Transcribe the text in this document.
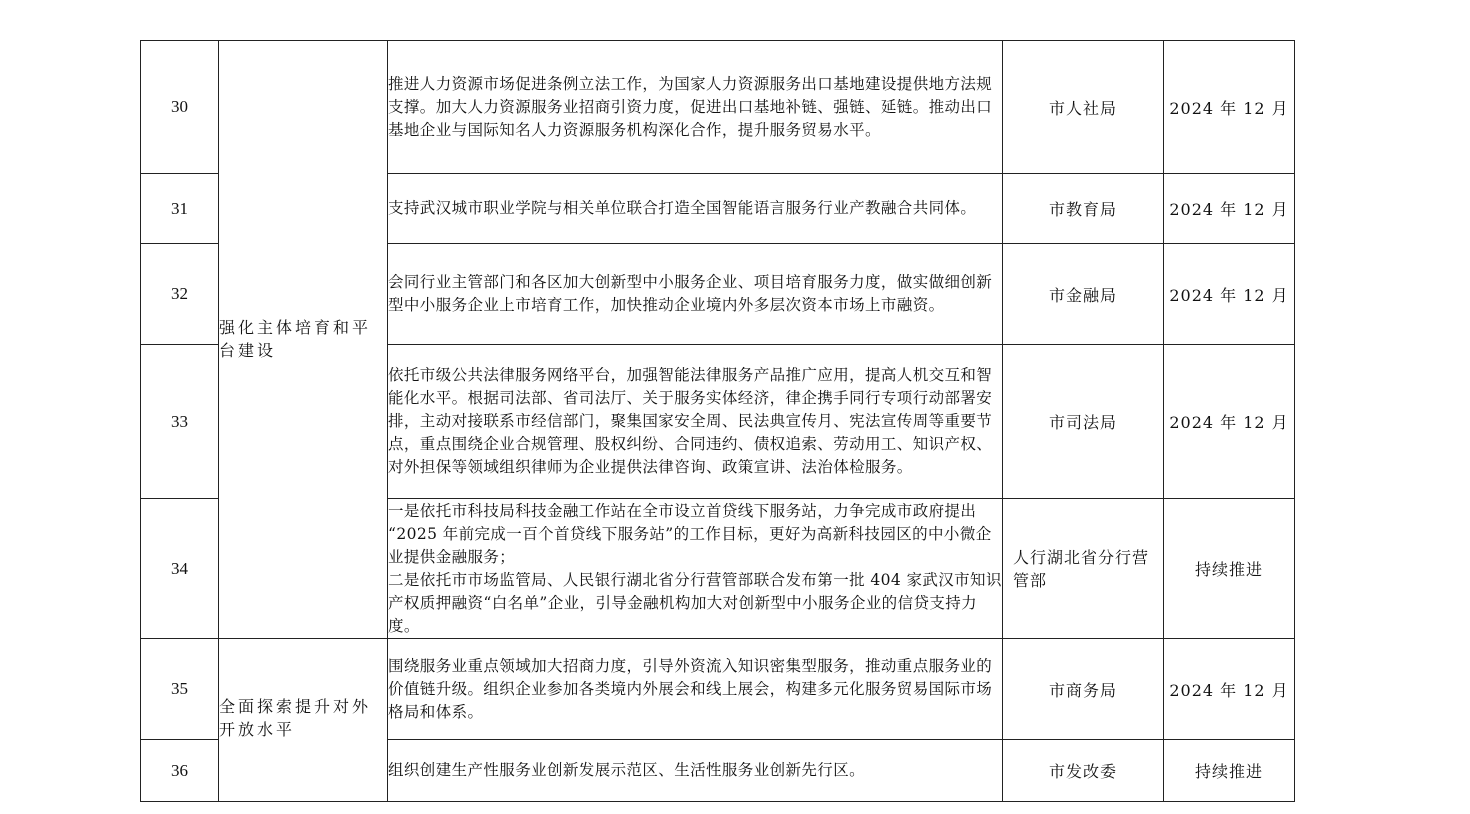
30	强化主体培育和平台建设	推进人力资源市场促进条例立法工作，为国家人力资源服务出口基地建设提供地方法规支撑。加大人力资源服务业招商引资力度，促进出口基地补链、强链、延链。推动出口基地企业与国际知名人力资源服务机构深化合作，提升服务贸易水平。	市人社局	2024 年 12 月
31		支持武汉城市职业学院与相关单位联合打造全国智能语言服务行业产教融合共同体。	市教育局	2024 年 12 月
32		会同行业主管部门和各区加大创新型中小服务企业、项目培育服务力度，做实做细创新型中小服务企业上市培育工作，加快推动企业境内外多层次资本市场上市融资。	市金融局	2024 年 12 月
33		依托市级公共法律服务网络平台，加强智能法律服务产品推广应用，提高人机交互和智能化水平。根据司法部、省司法厅、关于服务实体经济，律企携手同行专项行动部署安排，主动对接联系市经信部门，聚集国家安全周、民法典宣传月、宪法宣传周等重要节点，重点围绕企业合规管理、股权纠纷、合同违约、债权追索、劳动用工、知识产权、对外担保等领域组织律师为企业提供法律咨询、政策宣讲、法治体检服务。	市司法局	2024 年 12 月
34		一是依托市科技局科技金融工作站在全市设立首贷线下服务站，力争完成市政府提出 “2025 年前完成一百个首贷线下服务站”的工作目标，更好为高新科技园区的中小微企业提供金融服务；
二是依托市市场监管局、人民银行湖北省分行营管部联合发布第一批 404 家武汉市知识产权质押融资“白名单”企业，引导金融机构加大对创新型中小服务企业的信贷支持力度。	人行湖北省分行营管部	持续推进
35	全面探索提升对外开放水平	围绕服务业重点领域加大招商力度，引导外资流入知识密集型服务，推动重点服务业的价值链升级。组织企业参加各类境内外展会和线上展会，构建多元化服务贸易国际市场格局和体系。	市商务局	2024 年 12 月
36		组织创建生产性服务业创新发展示范区、生活性服务业创新先行区。	市发改委	持续推进
